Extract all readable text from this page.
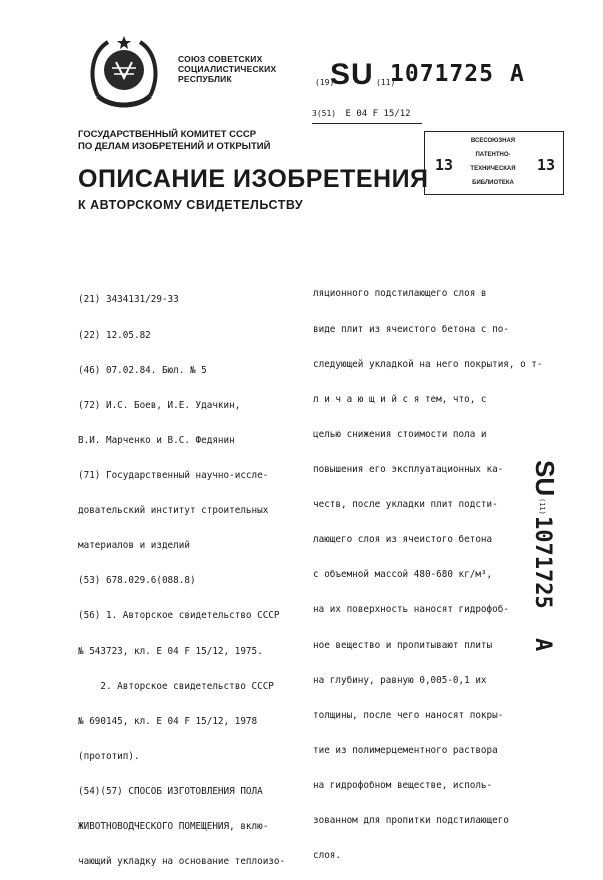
СОЮЗ СОВЕТСКИХ
СОЦИАЛИСТИЧЕСКИХ
РЕСПУБЛИК	(19)
SU (11)
1071725 A
3(51) E 04 F 15/12
ГОСУДАРСТВЕННЫЙ КОМИТЕТ СССР
ПО ДЕЛАМ ИЗОБРЕТЕНИЙ И ОТКРЫТИЙ
13	13
ВСЕСОЮЗНАЯ
ПАТЕНТНО-
ТЕХНИЧЕСКАЯ
БИБЛИОТЕКА
ОПИСАНИЕ ИЗОБРЕТЕНИЯ
К АВТОРСКОМУ СВИДЕТЕЛЬСТВУ

(21) 3434131/29-33

(22) 12.05.82

(46) 07.02.84. Бюл. № 5

(72) И.С. Боев, И.Е. Удачкин,

В.И. Марченко и В.С. Федянин

(71) Государственный научно-иссле-

довательский институт строительных

материалов и изделий

(53) 678.029.6(088.8)

(56) 1. Авторское свидетельство СССР

№ 543723, кл. Е 04 F 15/12, 1975.

2. Авторское свидетельство СССР

№ 690145, кл. Е 04 F 15/12, 1978

(прототип).

(54)(57) СПОСОБ ИЗГОТОВЛЕНИЯ ПОЛА

ЖИВОТНОВОДЧЕСКОГО ПОМЕЩЕНИЯ, вклю-

чающий укладку на основание теплоизо-

ляционного подстилающего слоя в

виде плит из ячеистого бетона с по-

следующей укладкой на него покрытия, о т-

л и ч а ю щ и й с я тем, что, с

целью снижения стоимости пола и

повышения его эксплуатационных ка-

честв, после укладки плит подсти-

лающего слоя из ячеистого бетона

с объемной массой 480-680 кг/м³,

на их поверхность наносят гидрофоб-

ное вещество и пропитывают плиты

на глубину, равную 0,005-0,1 их

толщины, после чего наносят покры-

тие из полимерцементного раствора

на гидрофобном веществе, исполь-

зованном для пропитки подстилающего

слоя.

SU
(11)
1071725
A
